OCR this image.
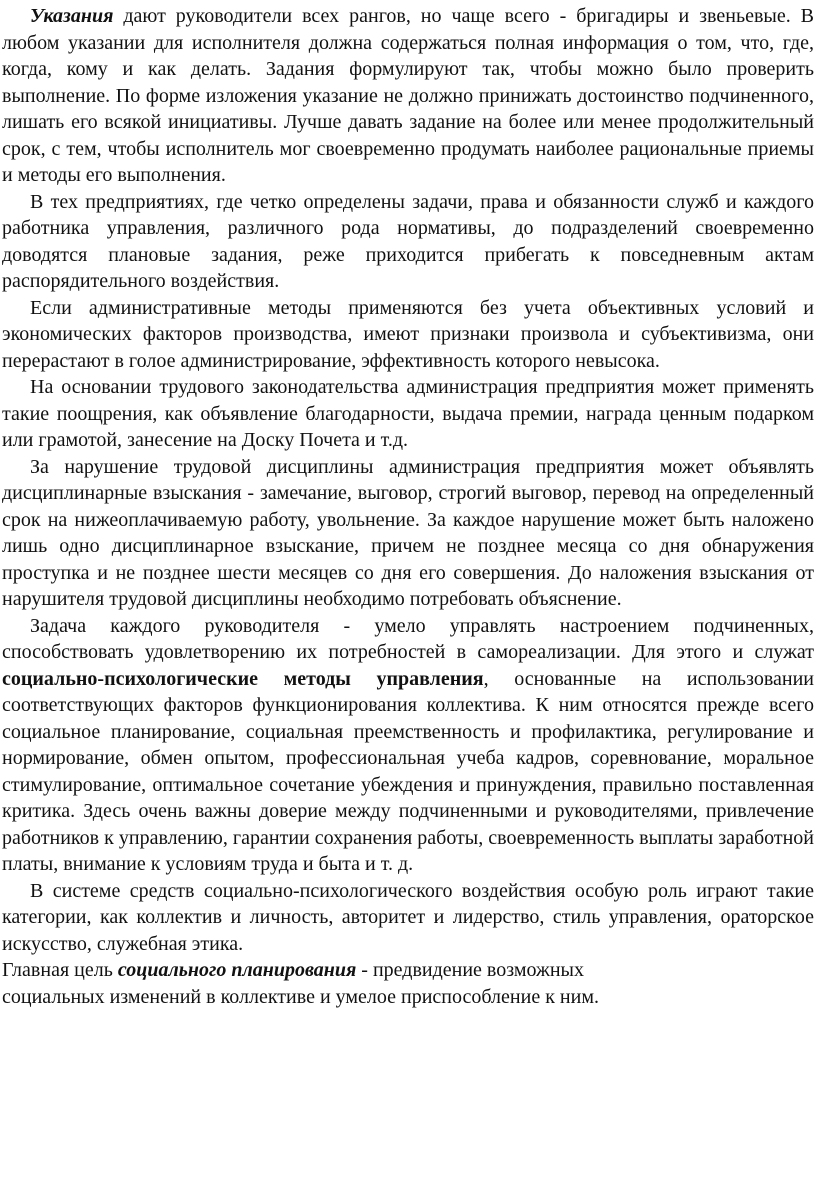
Указания дают руководители всех рангов, но чаще всего - бригадиры и звеньевые. В любом указании для исполнителя должна содержаться полная информация о том, что, где, когда, кому и как делать. Задания формулируют так, чтобы можно было проверить выполнение. По форме изложения указание не должно принижать достоинство подчиненного, лишать его всякой инициативы. Лучше давать задание на более или менее продолжительный срок, с тем, чтобы исполнитель мог своевременно продумать наиболее рациональные приемы и методы его выполнения.

В тех предприятиях, где четко определены задачи, права и обязанности служб и каждого работника управления, различного рода нормативы, до подразделений своевременно доводятся плановые задания, реже приходится прибегать к повседневным актам распорядительного воздействия.

Если административные методы применяются без учета объективных условий и экономических факторов производства, имеют признаки произвола и субъективизма, они перерастают в голое администрирование, эффективность которого невысока.

На основании трудового законодательства администрация предприятия может применять такие поощрения, как объявление благодарности, выдача премии, награда ценным подарком или грамотой, занесение на Доску Почета и т.д.

За нарушение трудовой дисциплины администрация предприятия может объявлять дисциплинарные взыскания - замечание, выговор, строгий выговор, перевод на определенный срок на нижеоплачиваемую работу, увольнение. За каждое нарушение может быть наложено лишь одно дисциплинарное взыскание, причем не позднее месяца со дня обнаружения проступка и не позднее шести месяцев со дня его совершения. До наложения взыскания от нарушителя трудовой дисциплины необходимо потребовать объяснение.

Задача каждого руководителя - умело управлять настроением подчиненных, способствовать удовлетворению их потребностей в самореализации. Для этого и служат социально-психологические методы управления, основанные на использовании соответствующих факторов функционирования коллектива. К ним относятся прежде всего социальное планирование, социальная преемственность и профилактика, регулирование и нормирование, обмен опытом, профессиональная учеба кадров, соревнование, моральное стимулирование, оптимальное сочетание убеждения и принуждения, правильно поставленная критика. Здесь очень важны доверие между подчиненными и руководителями, привлечение работников к управлению, гарантии сохранения работы, своевременность выплаты заработной платы, внимание к условиям труда и быта и т. д.

В системе средств социально-психологического воздействия особую роль играют такие категории, как коллектив и личность, авторитет и лидерство, стиль управления, ораторское искусство, служебная этика.

Главная цель социального планирования - предвидение возможных
социальных изменений в коллективе и умелое приспособление к ним.
